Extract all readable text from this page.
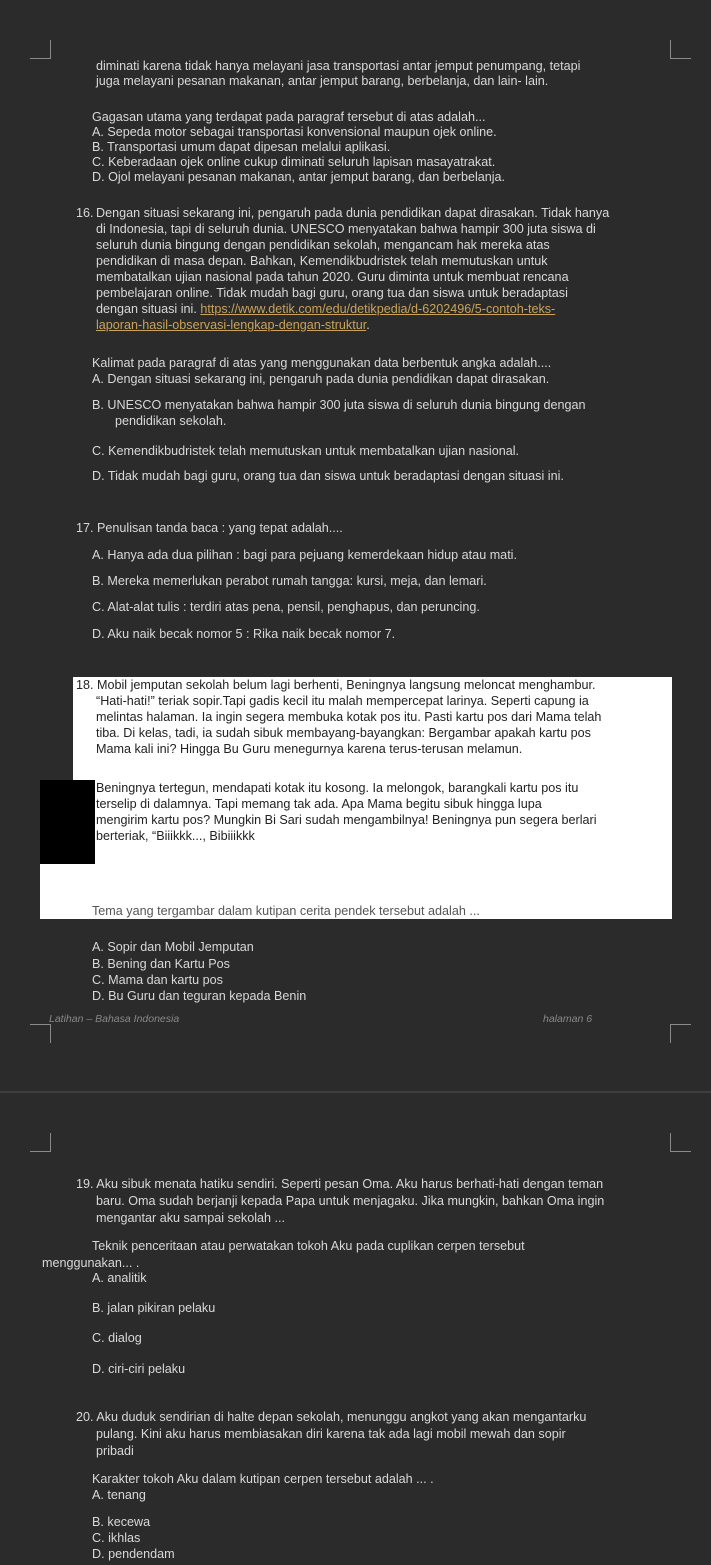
diminati karena tidak hanya melayani jasa transportasi antar jemput penumpang, tetapi
juga melayani pesanan makanan, antar jemput barang, berbelanja, dan lain- lain.
Gagasan utama yang terdapat pada paragraf tersebut di atas adalah...
A. Sepeda motor sebagai transportasi konvensional maupun ojek online.
B. Transportasi umum dapat dipesan melalui aplikasi.
C. Keberadaan ojek online cukup diminati seluruh lapisan masayatrakat.
D. Ojol melayani pesanan makanan, antar jemput barang, dan berbelanja.
16. Dengan situasi sekarang ini, pengaruh pada dunia pendidikan dapat dirasakan. Tidak hanya
di Indonesia, tapi di seluruh dunia. UNESCO menyatakan bahwa hampir 300 juta siswa di
seluruh dunia bingung dengan pendidikan sekolah, mengancam hak mereka atas
pendidikan di masa depan. Bahkan, Kemendikbudristek telah memutuskan untuk
membatalkan ujian nasional pada tahun 2020. Guru diminta untuk membuat rencana
pembelajaran online. Tidak mudah bagi guru, orang tua dan siswa untuk beradaptasi
dengan situasi ini. https://www.detik.com/edu/detikpedia/d-6202496/5-contoh-teks-
laporan-hasil-observasi-lengkap-dengan-struktur.
Kalimat pada paragraf di atas yang menggunakan data berbentuk angka adalah....
A. Dengan situasi sekarang ini, pengaruh pada dunia pendidikan dapat dirasakan.
B. UNESCO menyatakan bahwa hampir 300 juta siswa di seluruh dunia bingung dengan
pendidikan sekolah.
C. Kemendikbudristek telah memutuskan untuk membatalkan ujian nasional.
D. Tidak mudah bagi guru, orang tua dan siswa untuk beradaptasi dengan situasi ini.
17. Penulisan tanda baca : yang tepat adalah....
A. Hanya ada dua pilihan : bagi para pejuang kemerdekaan hidup atau mati.
B. Mereka memerlukan perabot rumah tangga: kursi, meja, dan lemari.
C. Alat-alat tulis : terdiri atas pena, pensil, penghapus, dan peruncing.
D. Aku naik becak nomor 5 : Rika naik becak nomor 7.
18. Mobil jemputan sekolah belum lagi berhenti, Beningnya langsung meloncat menghambur.
“Hati-hati!” teriak sopir.Tapi gadis kecil itu malah mempercepat larinya. Seperti capung ia
melintas halaman. Ia ingin segera membuka kotak pos itu. Pasti kartu pos dari Mama telah
tiba. Di kelas, tadi, ia sudah sibuk membayang-bayangkan: Bergambar apakah kartu pos
Mama kali ini? Hingga Bu Guru menegurnya karena terus-terusan melamun.
Beningnya tertegun, mendapati kotak itu kosong. Ia melongok, barangkali kartu pos itu
terselip di dalamnya. Tapi memang tak ada. Apa Mama begitu sibuk hingga lupa
mengirim kartu pos? Mungkin Bi Sari sudah mengambilnya! Beningnya pun segera berlari
berteriak, “Biiikkk..., Bibiiikkk
Tema yang tergambar dalam kutipan cerita pendek tersebut adalah ...
A. Sopir dan Mobil Jemputan
B. Bening dan Kartu Pos
C. Mama dan kartu pos
D. Bu Guru dan teguran kepada Benin
Latihan – Bahasa Indonesia	halaman 6
19. Aku sibuk menata hatiku sendiri. Seperti pesan Oma. Aku harus berhati-hati dengan teman
baru. Oma sudah berjanji kepada Papa untuk menjagaku. Jika mungkin, bahkan Oma ingin
mengantar aku sampai sekolah ...
Teknik penceritaan atau perwatakan tokoh Aku pada cuplikan cerpen tersebut
menggunakan... .
A. analitik
B. jalan pikiran pelaku
C. dialog
D. ciri-ciri pelaku
20. Aku duduk sendirian di halte depan sekolah, menunggu angkot yang akan mengantarku
pulang. Kini aku harus membiasakan diri karena tak ada lagi mobil mewah dan sopir
pribadi
Karakter tokoh Aku dalam kutipan cerpen tersebut adalah ... .
A. tenang
B. kecewa
C. ikhlas
D. pendendam
